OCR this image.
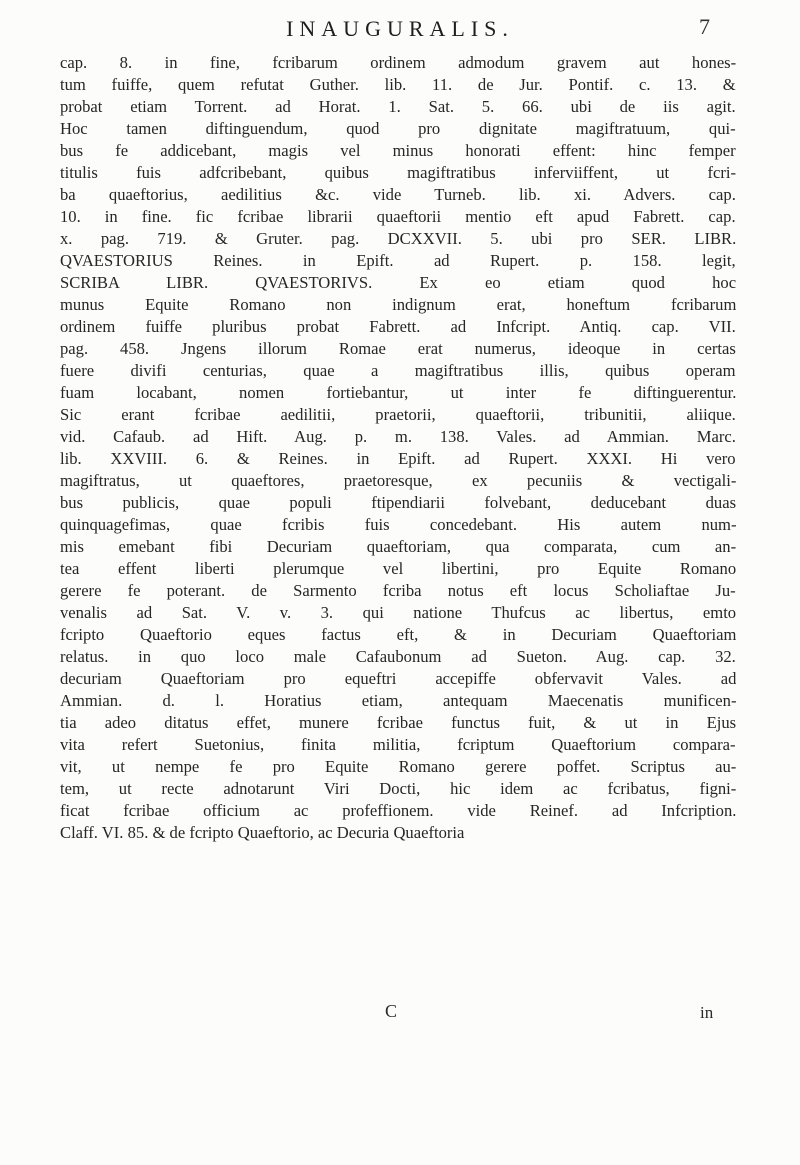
INAUGURALIS.	7
cap. 8. in fine, fcribarum ordinem admodum gravem aut hones-
tum fuiffe, quem refutat Guther. lib. 11. de Jur. Pontif. c. 13. &
probat etiam Torrent. ad Horat. 1. Sat. 5. 66. ubi de iis agit.
Hoc tamen diftinguendum, quod pro dignitate magiftratuum, qui-
bus fe addicebant, magis vel minus honorati effent: hinc femper
titulis fuis adfcribebant, quibus magiftratibus inferviiffent, ut fcri-
ba quaeftorius, aedilitius &c. vide Turneb. lib. xi. Advers. cap.
10. in fine. fic fcribae librarii quaeftorii mentio eft apud Fabrett. cap.
x. pag. 719. & Gruter. pag. DCXXVII. 5. ubi pro SER. LIBR.
QVAESTORIUS Reines. in Epift. ad Rupert. p. 158. legit,
SCRIBA LIBR. QVAESTORIVS. Ex eo etiam quod hoc
munus Equite Romano non indignum erat, honeftum fcribarum
ordinem fuiffe pluribus probat Fabrett. ad Infcript. Antiq. cap. VII.
pag. 458. Jngens illorum Romae erat numerus, ideoque in certas
fuere divifi centurias, quae a magiftratibus illis, quibus operam
fuam locabant, nomen fortiebantur, ut inter fe diftinguerentur.
Sic erant fcribae aedilitii, praetorii, quaeftorii, tribunitii, aliique.
vid. Cafaub. ad Hift. Aug. p. m. 138. Vales. ad Ammian. Marc.
lib. XXVIII. 6. & Reines. in Epift. ad Rupert. XXXI. Hi vero
magiftratus, ut quaeftores, praetoresque, ex pecuniis & vectigali-
bus publicis, quae populi ftipendiarii folvebant, deducebant duas
quinquagefimas, quae fcribis fuis concedebant. His autem num-
mis emebant fibi Decuriam quaeftoriam, qua comparata, cum an-
tea effent liberti plerumque vel libertini, pro Equite Romano
gerere fe poterant. de Sarmento fcriba notus eft locus Scholiaftae Ju-
venalis ad Sat. V. v. 3. qui natione Thufcus ac libertus, emto
fcripto Quaeftorio eques factus eft, & in Decuriam Quaeftoriam
relatus. in quo loco male Cafaubonum ad Sueton. Aug. cap. 32.
decuriam Quaeftoriam pro equeftri accepiffe obfervavit Vales. ad
Ammian. d. l. Horatius etiam, antequam Maecenatis munificen-
tia adeo ditatus effet, munere fcribae functus fuit, & ut in Ejus
vita refert Suetonius, finita militia, fcriptum Quaeftorium compara-
vit, ut nempe fe pro Equite Romano gerere poffet. Scriptus au-
tem, ut recte adnotarunt Viri Docti, hic idem ac fcribatus, figni-
ficat fcribae officium ac profeffionem. vide Reinef. ad Infcription.
Claff. VI. 85. & de fcripto Quaeftorio, ac Decuria Quaeftoria
C	in
